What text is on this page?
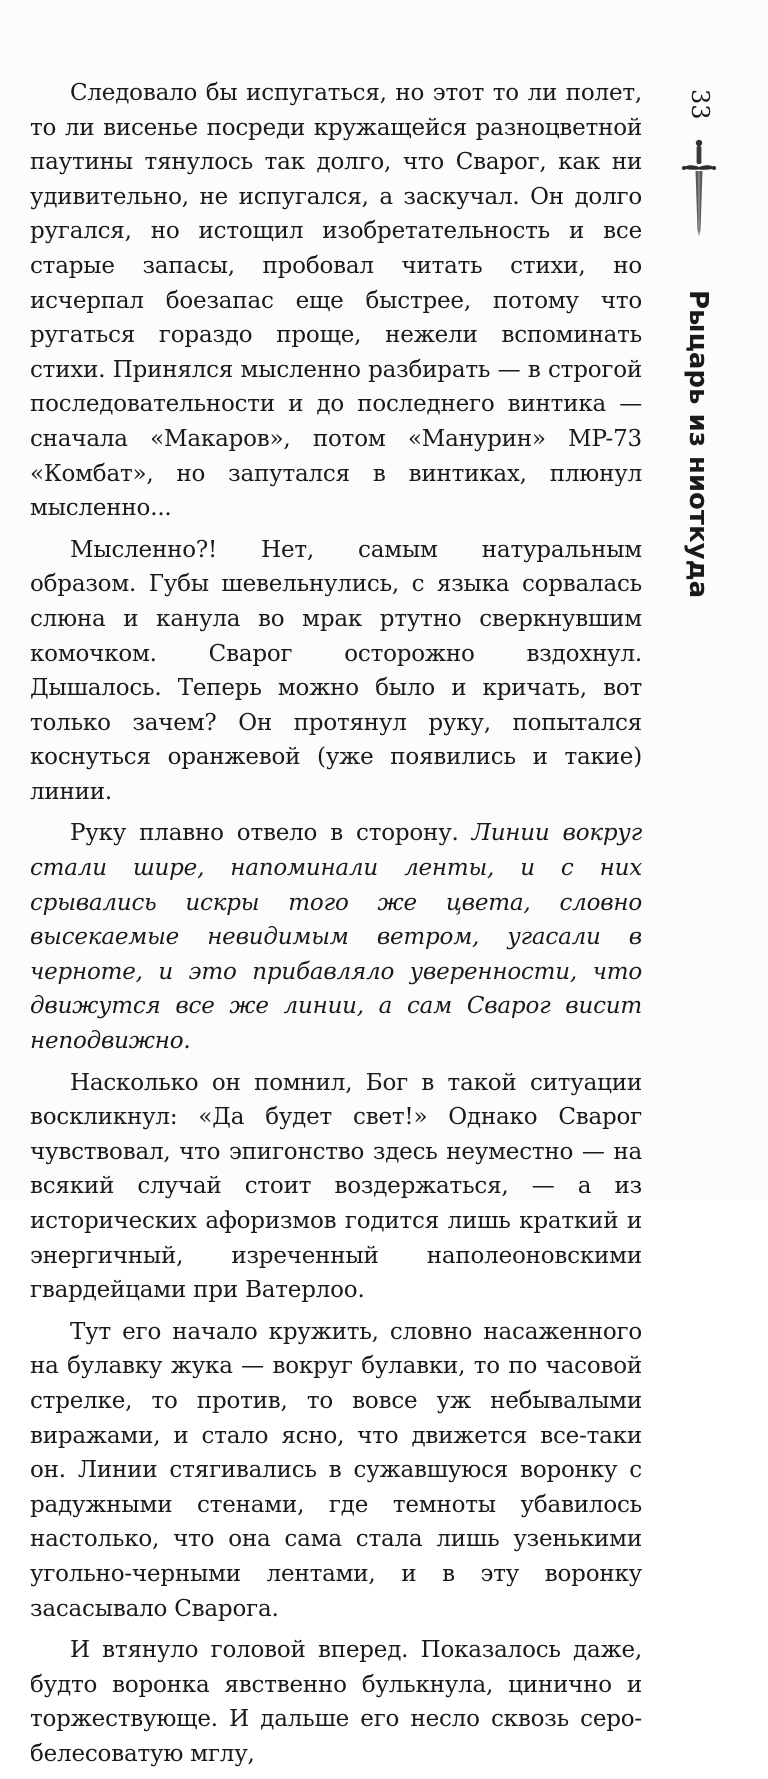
Следовало бы испугаться, но этот то ли полет, то ли висенье посреди кружащейся разноцветной паутины тянулось так долго, что Сварог, как ни удивительно, не испугался, а заскучал. Он долго ругался, но истощил изобретательность и все старые запасы, пробовал читать стихи, но исчерпал боезапас еще быстрее, потому что ругаться гораздо проще, нежели вспоминать стихи. Принялся мысленно разбирать — в строгой последовательности и до последнего винтика — сначала «Макаров», потом «Манурин» MP-73 «Комбат», но запутался в винтиках, плюнул мысленно...

Мысленно?! Нет, самым натуральным образом. Губы шевельнулись, с языка сорвалась слюна и канула во мрак ртутно сверкнувшим комочком. Сварог осторожно вздохнул. Дышалось. Теперь можно было и кричать, вот только зачем? Он протянул руку, попытался коснуться оранжевой (уже появились и такие) линии.

Руку плавно отвело в сторону. Линии вокруг стали шире, напоминали ленты, и с них срывались искры того же цвета, словно высекаемые невидимым ветром, угасали в черноте, и это прибавляло уверенности, что движутся все же линии, а сам Сварог висит неподвижно.

Насколько он помнил, Бог в такой ситуации воскликнул: «Да будет свет!» Однако Сварог чувствовал, что эпигонство здесь неуместно — на всякий случай стоит воздержаться, — а из исторических афоризмов годится лишь краткий и энергичный, изреченный наполеоновскими гвардейцами при Ватерлоо.

Тут его начало кружить, словно насаженного на булавку жука — вокруг булавки, то по часовой стрелке, то против, то вовсе уж небывалыми виражами, и стало ясно, что движется все-таки он. Линии стягивались в сужавшуюся воронку с радужными стенами, где темноты убавилось настолько, что она сама стала лишь узенькими угольно-черными лентами, и в эту воронку засасывало Сварога.

И втянуло головой вперед. Показалось даже, будто воронка явственно булькнула, цинично и торжествующе. И дальше его несло сквозь серо-белесоватую мглу,

33
Рыцарь из ниоткуда
